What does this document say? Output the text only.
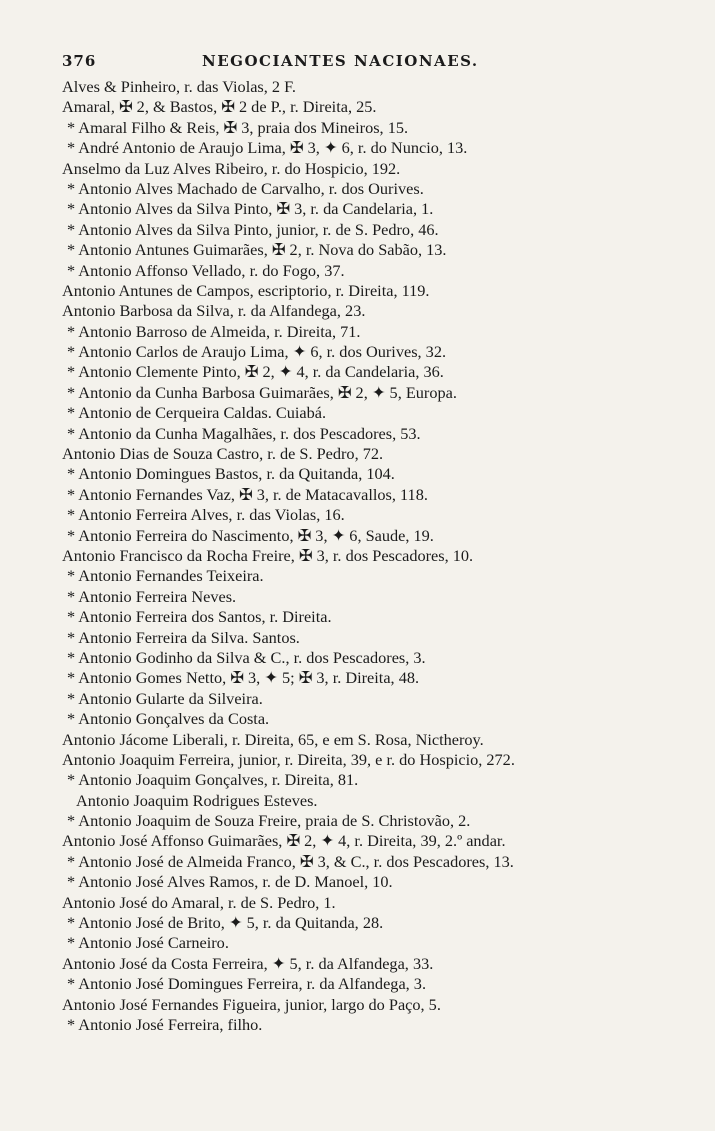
376	NEGOCIANTES NACIONAES.
Alves & Pinheiro, r. das Violas, 2 F.
Amaral, ✠ 2, & Bastos, ✠ 2 de P., r. Direita, 25.
* Amaral Filho & Reis, ✠ 3, praia dos Mineiros, 15.
* André Antonio de Araujo Lima, ✠ 3, ✦ 6, r. do Nuncio, 13.
Anselmo da Luz Alves Ribeiro, r. do Hospicio, 192.
* Antonio Alves Machado de Carvalho, r. dos Ourives.
* Antonio Alves da Silva Pinto, ✠ 3, r. da Candelaria, 1.
* Antonio Alves da Silva Pinto, junior, r. de S. Pedro, 46.
* Antonio Antunes Guimarães, ✠ 2, r. Nova do Sabão, 13.
* Antonio Affonso Vellado, r. do Fogo, 37.
Antonio Antunes de Campos, escriptorio, r. Direita, 119.
Antonio Barbosa da Silva, r. da Alfandega, 23.
* Antonio Barroso de Almeida, r. Direita, 71.
* Antonio Carlos de Araujo Lima, ✦ 6, r. dos Ourives, 32.
* Antonio Clemente Pinto, ✠ 2, ✦ 4, r. da Candelaria, 36.
* Antonio da Cunha Barbosa Guimarães, ✠ 2, ✦ 5, Europa.
* Antonio de Cerqueira Caldas. Cuiabá.
* Antonio da Cunha Magalhães, r. dos Pescadores, 53.
Antonio Dias de Souza Castro, r. de S. Pedro, 72.
* Antonio Domingues Bastos, r. da Quitanda, 104.
* Antonio Fernandes Vaz, ✠ 3, r. de Matacavallos, 118.
* Antonio Ferreira Alves, r. das Violas, 16.
* Antonio Ferreira do Nascimento, ✠ 3, ✦ 6, Saude, 19.
Antonio Francisco da Rocha Freire, ✠ 3, r. dos Pescadores, 10.
* Antonio Fernandes Teixeira.
* Antonio Ferreira Neves.
* Antonio Ferreira dos Santos, r. Direita.
* Antonio Ferreira da Silva. Santos.
* Antonio Godinho da Silva & C., r. dos Pescadores, 3.
* Antonio Gomes Netto, ✠ 3, ✦ 5; ✠ 3, r. Direita, 48.
* Antonio Gularte da Silveira.
* Antonio Gonçalves da Costa.
Antonio Jácome Liberali, r. Direita, 65, e em S. Rosa, Nictheroy.
Antonio Joaquim Ferreira, junior, r. Direita, 39, e r. do Hospicio, 272.
* Antonio Joaquim Gonçalves, r. Direita, 81.
Antonio Joaquim Rodrigues Esteves.
* Antonio Joaquim de Souza Freire, praia de S. Christovão, 2.
Antonio José Affonso Guimarães, ✠ 2, ✦ 4, r. Direita, 39, 2.º andar.
* Antonio José de Almeida Franco, ✠ 3, & C., r. dos Pescadores, 13.
* Antonio José Alves Ramos, r. de D. Manoel, 10.
Antonio José do Amaral, r. de S. Pedro, 1.
* Antonio José de Brito, ✦ 5, r. da Quitanda, 28.
* Antonio José Carneiro.
Antonio José da Costa Ferreira, ✦ 5, r. da Alfandega, 33.
* Antonio José Domingues Ferreira, r. da Alfandega, 3.
Antonio José Fernandes Figueira, junior, largo do Paço, 5.
* Antonio José Ferreira, filho.
